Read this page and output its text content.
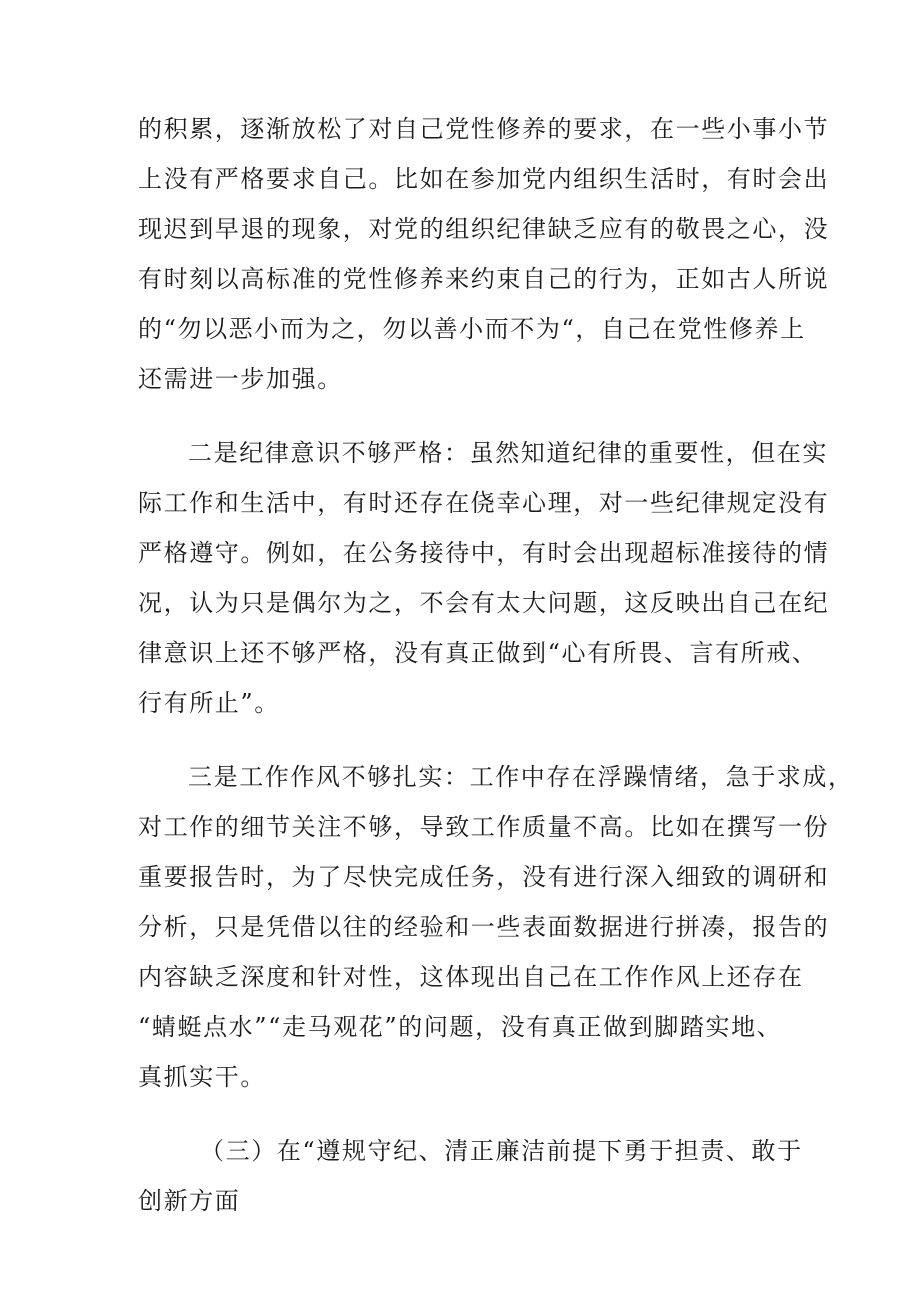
的积累，逐渐放松了对自己党性修养的要求，在一些小事小节
上没有严格要求自己。比如在参加党内组织生活时，有时会出
现迟到早退的现象，对党的组织纪律缺乏应有的敬畏之心，没
有时刻以高标准的党性修养来约束自己的行为，正如古人所说
的“勿以恶小而为之，勿以善小而不为“，自己在党性修养上
还需进一步加强。
二是纪律意识不够严格：虽然知道纪律的重要性，但在实
际工作和生活中，有时还存在侥幸心理，对一些纪律规定没有
严格遵守。例如，在公务接待中，有时会出现超标准接待的情
况，认为只是偶尔为之，不会有太大问题，这反映出自己在纪
律意识上还不够严格，没有真正做到“心有所畏、言有所戒、
行有所止”。
三是工作作风不够扎实：工作中存在浮躁情绪，急于求成，
对工作的细节关注不够，导致工作质量不高。比如在撰写一份
重要报告时，为了尽快完成任务，没有进行深入细致的调研和
分析，只是凭借以往的经验和一些表面数据进行拼凑，报告的
内容缺乏深度和针对性，这体现出自己在工作作风上还存在
“蜻蜓点水”“走马观花”的问题，没有真正做到脚踏实地、
真抓实干。
（三）在“遵规守纪、清正廉洁前提下勇于担责、敢于
创新方面
